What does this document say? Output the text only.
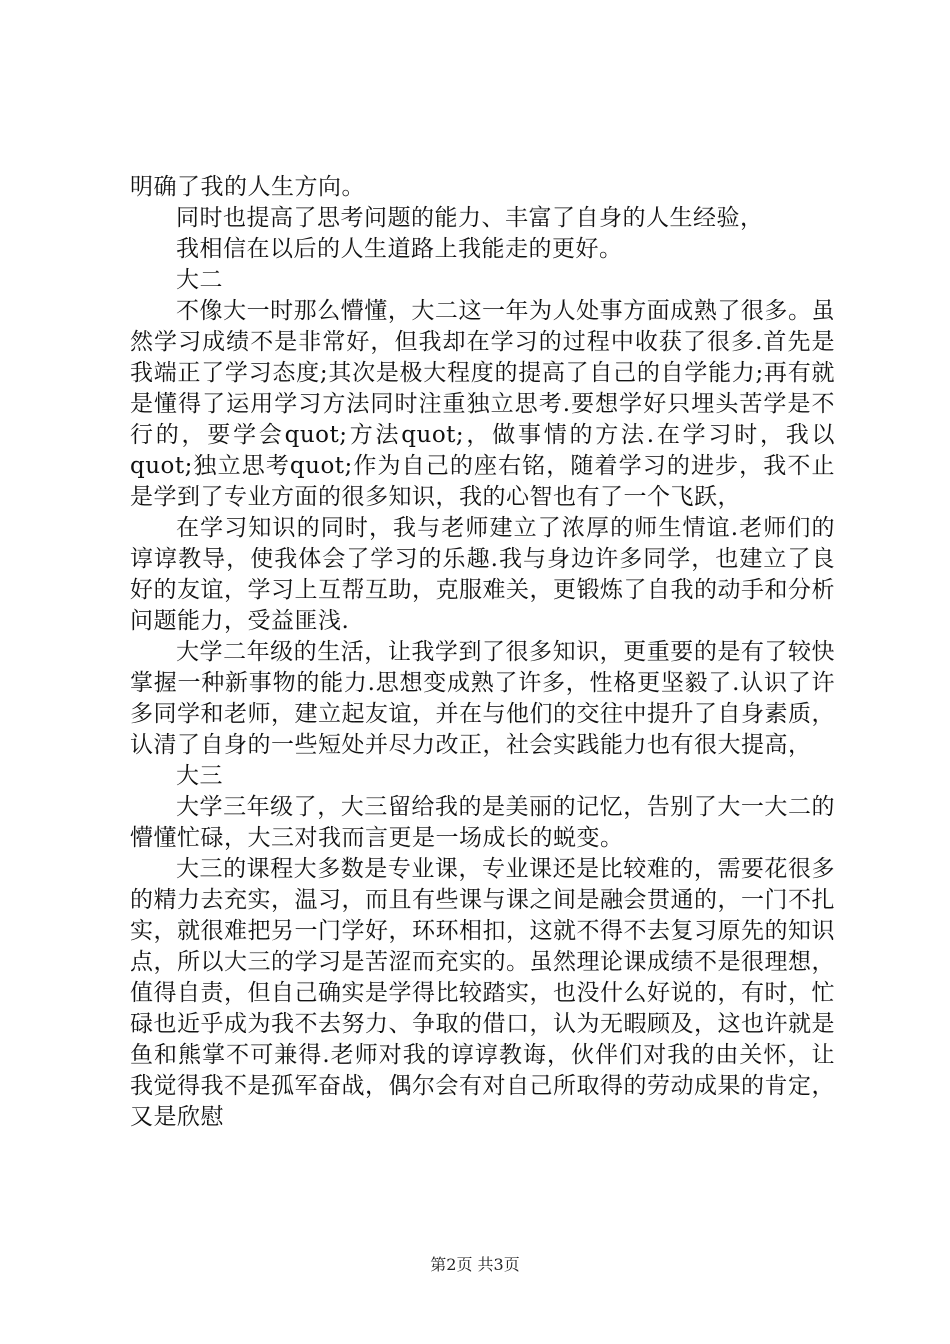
明确了我的人生方向。

同时也提高了思考问题的能力、丰富了自身的人生经验，

我相信在以后的人生道路上我能走的更好。

大二

不像大一时那么懵懂，大二这一年为人处事方面成熟了很多。虽然学习成绩不是非常好，但我却在学习的过程中收获了很多.首先是我端正了学习态度;其次是极大程度的提高了自己的自学能力;再有就是懂得了运用学习方法同时注重独立思考.要想学好只埋头苦学是不行的，要学会quot;方法quot;，做事情的方法.在学习时，我以quot;独立思考quot;作为自己的座右铭，随着学习的进步，我不止是学到了专业方面的很多知识，我的心智也有了一个飞跃，

在学习知识的同时，我与老师建立了浓厚的师生情谊.老师们的谆谆教导，使我体会了学习的乐趣.我与身边许多同学，也建立了良好的友谊，学习上互帮互助，克服难关，更锻炼了自我的动手和分析问题能力，受益匪浅.

大学二年级的生活，让我学到了很多知识，更重要的是有了较快掌握一种新事物的能力.思想变成熟了许多，性格更坚毅了.认识了许多同学和老师，建立起友谊，并在与他们的交往中提升了自身素质，认清了自身的一些短处并尽力改正，社会实践能力也有很大提高，

大三

大学三年级了，大三留给我的是美丽的记忆，告别了大一大二的懵懂忙碌，大三对我而言更是一场成长的蜕变。

大三的课程大多数是专业课，专业课还是比较难的，需要花很多的精力去充实，温习，而且有些课与课之间是融会贯通的，一门不扎实，就很难把另一门学好，环环相扣，这就不得不去复习原先的知识点，所以大三的学习是苦涩而充实的。虽然理论课成绩不是很理想，值得自责，但自己确实是学得比较踏实，也没什么好说的，有时，忙碌也近乎成为我不去努力、争取的借口，认为无暇顾及，这也许就是鱼和熊掌不可兼得.老师对我的谆谆教诲，伙伴们对我的由关怀，让我觉得我不是孤军奋战，偶尔会有对自己所取得的劳动成果的肯定，又是欣慰

第2页 共3页
